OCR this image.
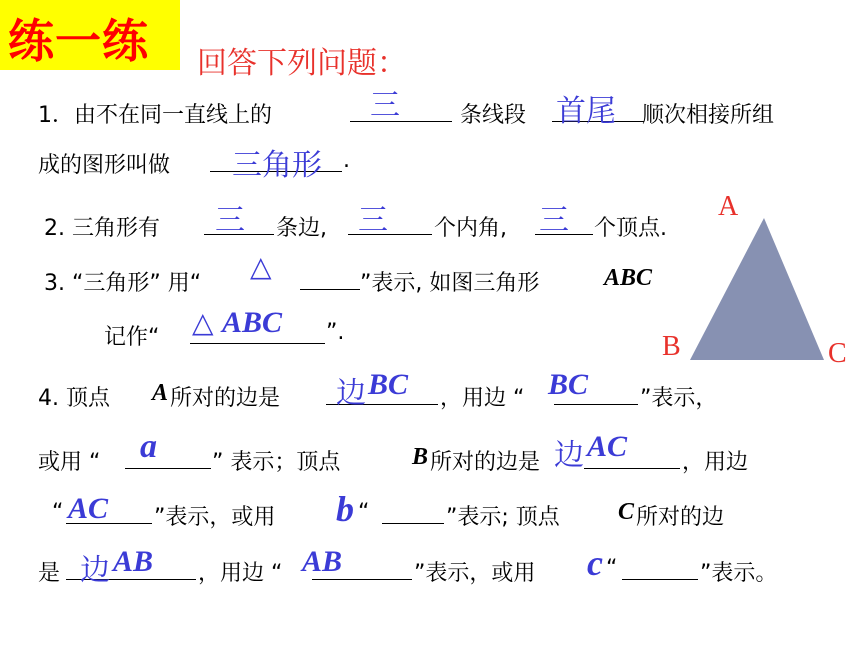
练一练 回答下列问题：
1．由不在同一直线上的	三	条线段 首尾 顺次相接所组
成的图形叫做 三角形 .
2. 三角形有 三 条边, 三 个内角, 三 个顶点.
3. “三角形” 用“
△
”表示, 如图三角形	ABC
记作“ △ ABC ”.
4. 顶点 A 所对的边是 边 BC ，用边 “ BC ”表示，
或用 “ a	” 表示；顶点	B 所对的边是 边 AC ，用边
“ AC ”表示，或用 b “	”表示; 顶点 C 所对的边
是 边 AB ，用边 “ AB	”表示，或用 c “	”表示。
A
B	C
